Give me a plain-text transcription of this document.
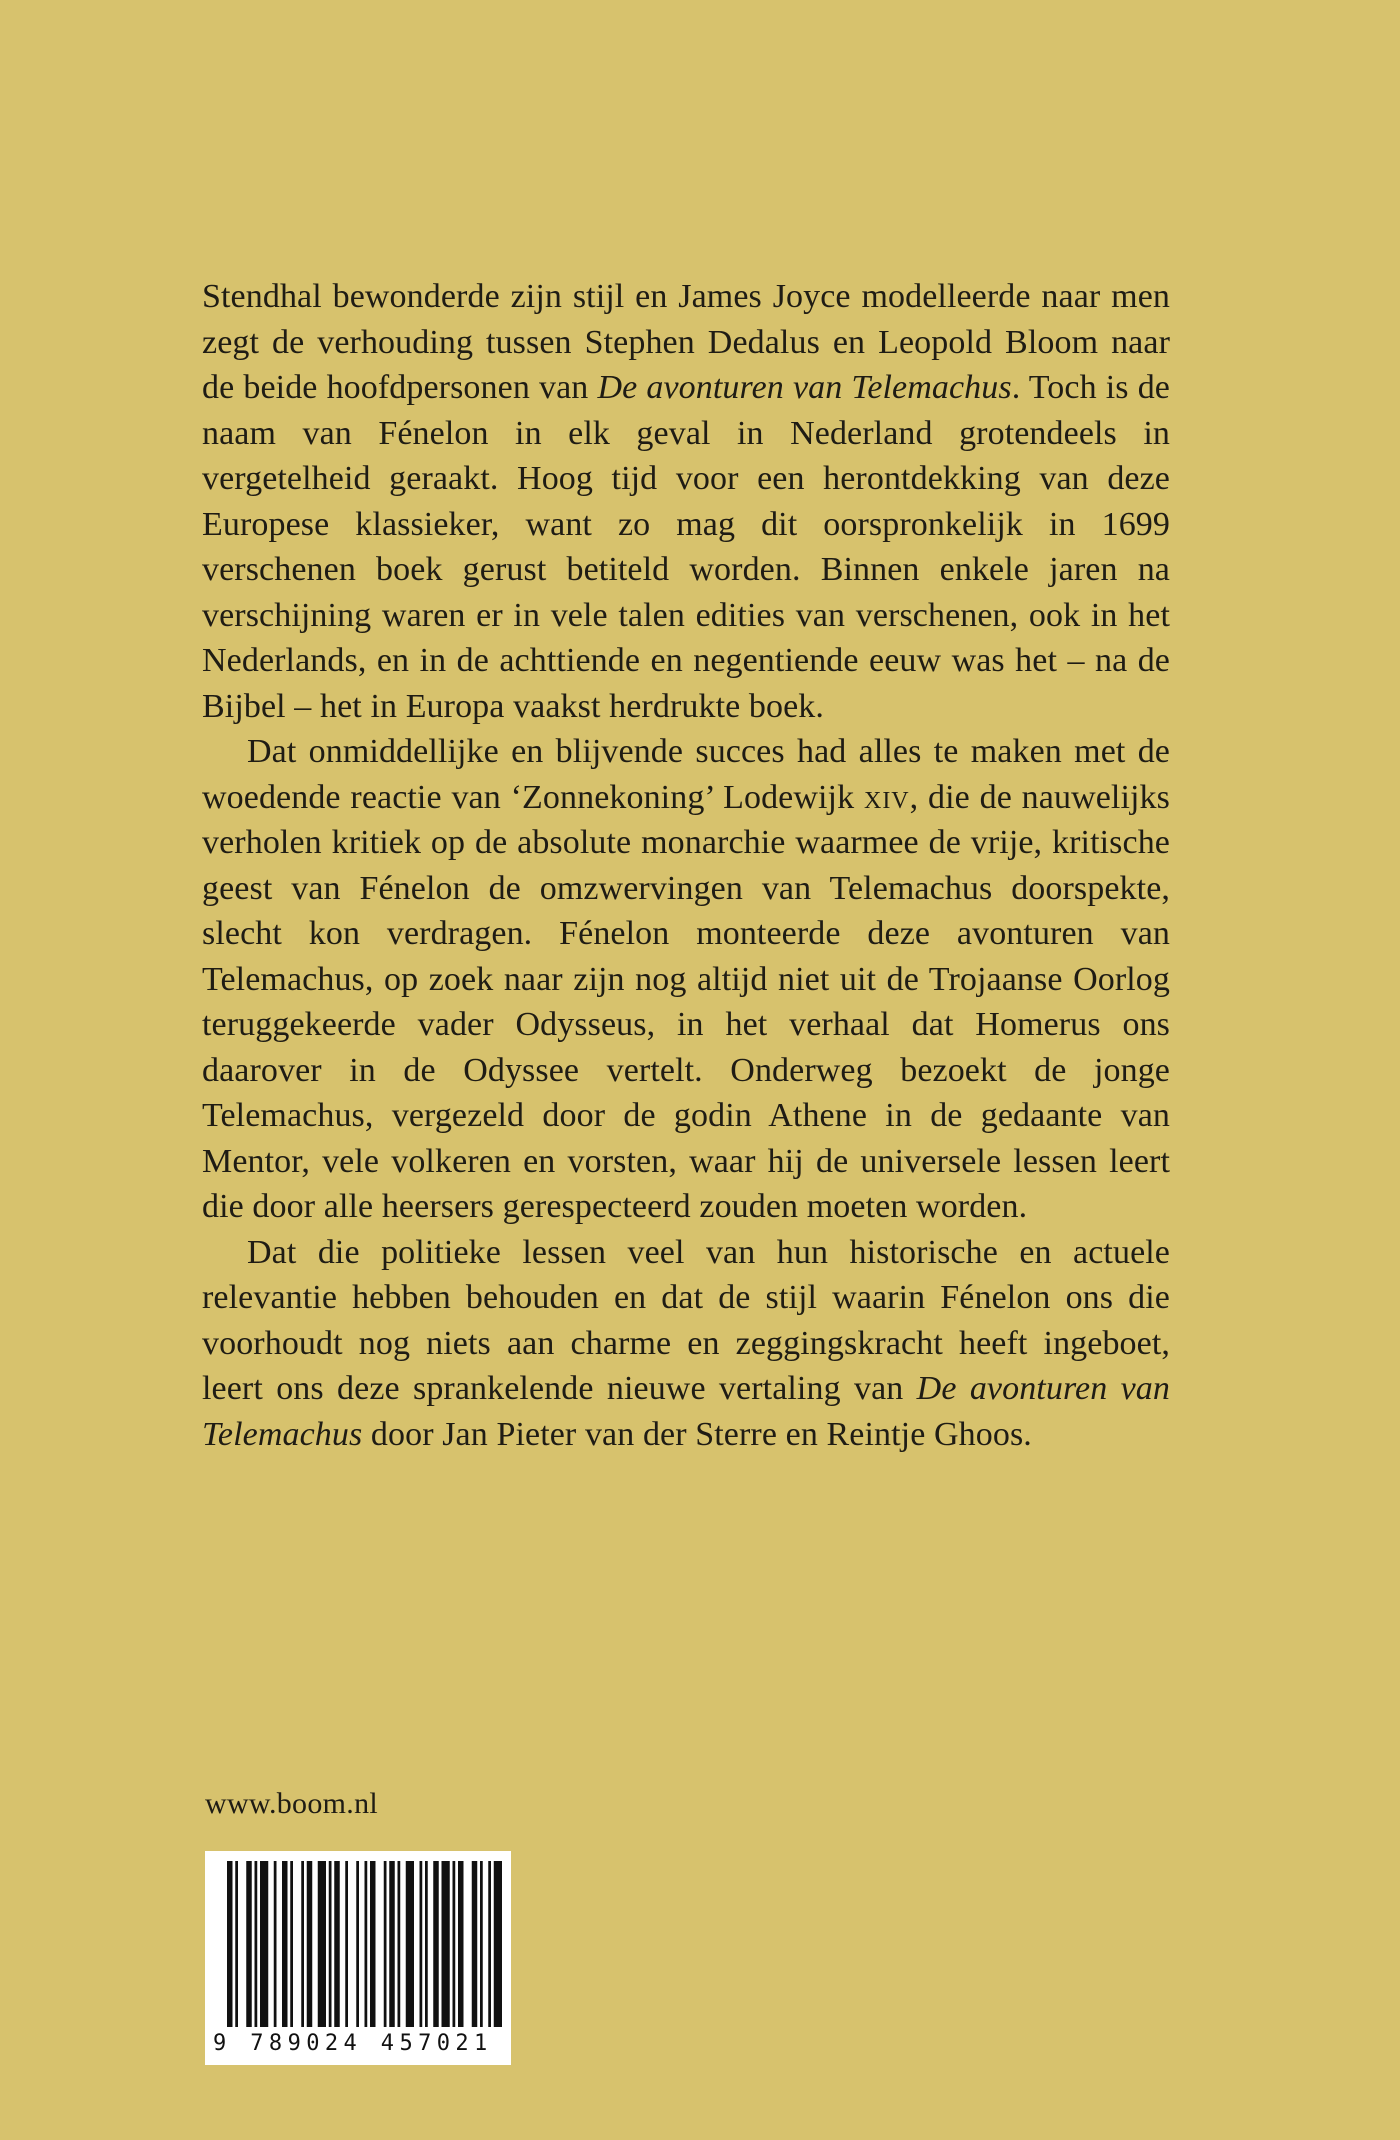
Stendhal bewonderde zijn stijl en James Joyce modelleerde naar men zegt de verhouding tussen Stephen Dedalus en Leopold Bloom naar de beide hoofdpersonen van De avonturen van Telemachus. Toch is de naam van Fénelon in elk geval in Nederland grotendeels in vergetelheid geraakt. Hoog tijd voor een herontdekking van deze Europese klassieker, want zo mag dit oorspronkelijk in 1699 verschenen boek gerust betiteld worden. Binnen enkele jaren na verschijning waren er in vele talen edities van verschenen, ook in het Nederlands, en in de achttiende en negentiende eeuw was het – na de Bijbel – het in Europa vaakst herdrukte boek.

Dat onmiddellijke en blijvende succes had alles te maken met de woedende reactie van ‘Zonnekoning’ Lodewijk xiv, die de nauwelijks verholen kritiek op de absolute monarchie waarmee de vrije, kritische geest van Fénelon de omzwervingen van Telemachus doorspekte, slecht kon verdragen. Fénelon monteerde deze avonturen van Telemachus, op zoek naar zijn nog altijd niet uit de Trojaanse Oorlog teruggekeerde vader Odysseus, in het verhaal dat Homerus ons daarover in de Odyssee vertelt. Onderweg bezoekt de jonge Telemachus, vergezeld door de godin Athene in de gedaante van Mentor, vele volkeren en vorsten, waar hij de universele lessen leert die door alle heersers gerespecteerd zouden moeten worden.

Dat die politieke lessen veel van hun historische en actuele relevantie hebben behouden en dat de stijl waarin Fénelon ons die voorhoudt nog niets aan charme en zeggingskracht heeft ingeboet, leert ons deze sprankelende nieuwe vertaling van De avonturen van Telemachus door Jan Pieter van der Sterre en Reintje Ghoos.

www.boom.nl
9 789024 457021
